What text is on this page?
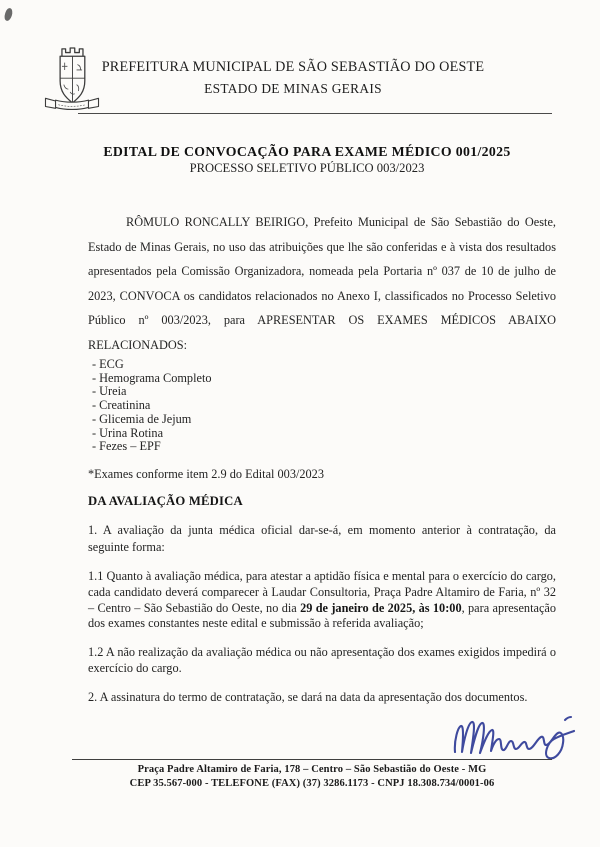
PREFEITURA MUNICIPAL DE SÃO SEBASTIÃO DO OESTE
ESTADO DE MINAS GERAIS
EDITAL DE CONVOCAÇÃO PARA EXAME MÉDICO 001/2025
PROCESSO SELETIVO PÚBLICO 003/2023

RÔMULO RONCALLY BEIRIGO, Prefeito Municipal de São Sebastião do Oeste, Estado de Minas Gerais, no uso das atribuições que lhe são conferidas e à vista dos resultados apresentados pela Comissão Organizadora, nomeada pela Portaria nº 037 de 10 de julho de 2023, CONVOCA os candidatos relacionados no Anexo I, classificados no Processo Seletivo Público nº 003/2023, para APRESENTAR OS EXAMES MÉDICOS ABAIXO RELACIONADOS:

- ECG
- Hemograma Completo
- Ureia
- Creatinina
- Glicemia de Jejum
- Urina Rotina
- Fezes – EPF
*Exames conforme item 2.9 do Edital 003/2023
DA AVALIAÇÃO MÉDICA

1. A avaliação da junta médica oficial dar-se-á, em momento anterior à contratação, da seguinte forma:

1.1 Quanto à avaliação médica, para atestar a aptidão física e mental para o exercício do cargo, cada candidato deverá comparecer à Laudar Consultoria, Praça Padre Altamiro de Faria, nº 32 – Centro – São Sebastião do Oeste, no dia 29 de janeiro de 2025, às 10:00, para apresentação dos exames constantes neste edital e submissão à referida avaliação;

1.2 A não realização da avaliação médica ou não apresentação dos exames exigidos impedirá o exercício do cargo.

2. A assinatura do termo de contratação, se dará na data da apresentação dos documentos.

Praça Padre Altamiro de Faria, 178 – Centro – São Sebastião do Oeste - MG
CEP 35.567-000 - TELEFONE (FAX) (37) 3286.1173 - CNPJ 18.308.734/0001-06
